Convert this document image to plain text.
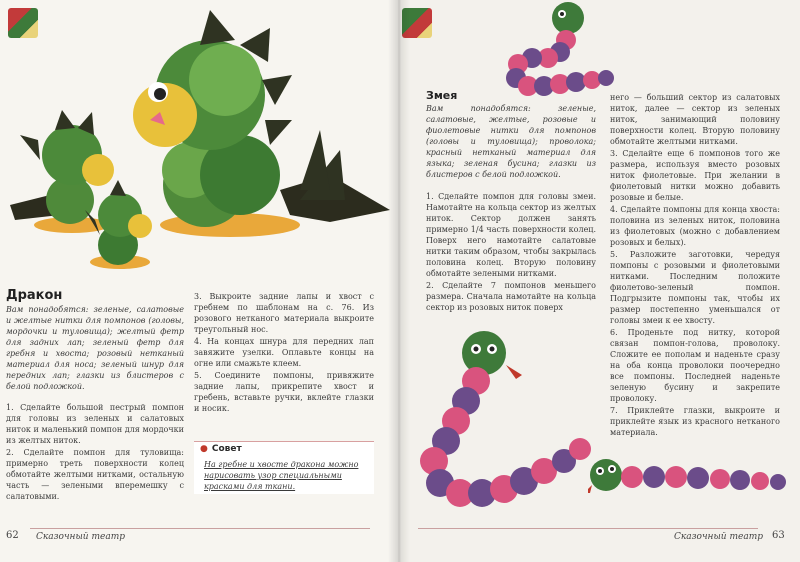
Дракон
Вам понадобятся: зеленые, салатовые и желтые нитки для помпонов (головы, мордочки и туловища); желтый фетр для задних лап; зеленый фетр для гребня и хвоста; розовый нетканый материал для носа; зеленый шнур для передних лап; глазки из блистеров с белой подложкой.

1. Сделайте большой пестрый помпон для головы из зеленых и салатовых ниток и маленький помпон для мордочки из желтых ниток.

2. Сделайте помпон для туловища: примерно треть поверхности колец обмотайте желтыми нитками, остальную часть — зелеными вперемешку с салатовыми.

3. Выкроите задние лапы и хвост с гребнем по шаблонам на с. 76. Из розового нетканого материала выкроите треугольный нос.

4. На концах шнура для передних лап завяжите узелки. Оплавьте концы на огне или смажьте клеем.

5. Соедините помпоны, привяжите задние лапы, прикрепите хвост и гребень, вставьте ручки, вклейте глазки и носик.

● Совет
На гребне и хвосте дракона можно нарисовать узор специальными красками для ткани.
62 Сказочный театр
Змея
Вам понадобятся: зеленые, салатовые, желтые, розовые и фиолетовые нитки для помпонов (головы и туловища); проволока; красный нетканый материал для языка; зеленая бусина; глазки из блистеров с белой подложкой.

1. Сделайте помпон для головы змеи. Намотайте на кольца сектор из желтых ниток. Сектор должен занять примерно 1/4 часть поверхности колец. Поверх него намотайте салатовые нитки таким образом, чтобы закрылась половина колец. Вторую половину обмотайте зелеными нитками.

2. Сделайте 7 помпонов меньшего размера. Сначала намотайте на кольца сектор из розовых ниток поверх

него — больший сектор из салатовых ниток, далее — сектор из зеленых ниток, занимающий половину поверхности колец. Вторую половину обмотайте желтыми нитками.

3. Сделайте еще 6 помпонов того же размера, используя вместо розовых ниток фиолетовые. При желании в фиолетовый нитки можно добавить розовые и белые.

4. Сделайте помпоны для конца хвоста: половина из зеленых ниток, половина из фиолетовых (можно с добавлением розовых и белых).

5. Разложите заготовки, чередуя помпоны с розовыми и фиолетовыми нитками. Последним положите фиолетово-зеленый помпон. Подгрызите помпоны так, чтобы их размер постепенно уменьшался от головы змеи к ее хвосту.

6. Проденьте под нитку, которой связан помпон-голова, проволоку. Сложите ее пополам и наденьте сразу на оба конца проволоки поочередно все помпоны. Последней наденьте зеленую бусину и закрепите проволоку.

7. Приклейте глазки, выкроите и приклейте язык из красного нетканого материала.

Сказочный театр 63
